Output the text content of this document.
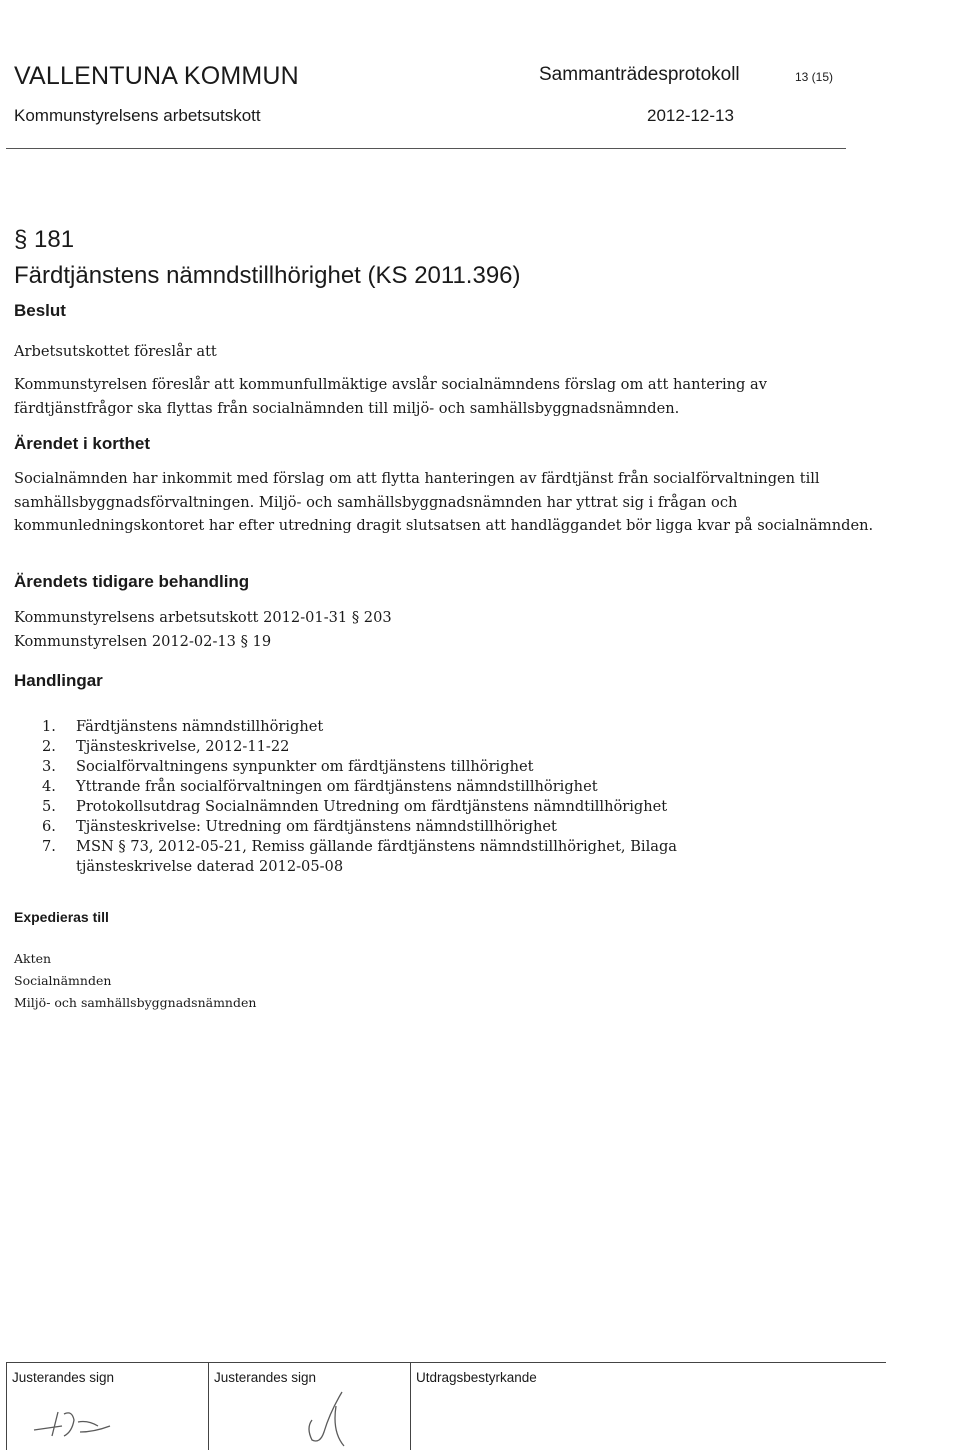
VALLENTUNA KOMMUN	Sammanträdesprotokoll	13 (15)
Kommunstyrelsens arbetsutskott	2012-12-13
§ 181
Färdtjänstens nämndstillhörighet (KS 2011.396)
Beslut
Arbetsutskottet föreslår att
Kommunstyrelsen föreslår att kommunfullmäktige avslår socialnämndens förslag om att hantering av färdtjänstfrågor ska flyttas från socialnämnden till miljö- och samhällsbyggnadsnämnden.
Ärendet i korthet
Socialnämnden har inkommit med förslag om att flytta hanteringen av färdtjänst från socialförvaltningen till samhällsbyggnadsförvaltningen. Miljö- och samhällsbyggnadsnämnden har yttrat sig i frågan och kommunledningskontoret har efter utredning dragit slutsatsen att handläggandet bör ligga kvar på socialnämnden.
Ärendets tidigare behandling
Kommunstyrelsens arbetsutskott 2012-01-31 § 203
Kommunstyrelsen 2012-02-13 § 19
Handlingar
1.	Färdtjänstens nämndstillhörighet
2.	Tjänsteskrivelse, 2012-11-22
3.	Socialförvaltningens synpunkter om färdtjänstens tillhörighet
4.	Yttrande från socialförvaltningen om färdtjänstens nämndstillhörighet
5.	Protokollsutdrag Socialnämnden Utredning om färdtjänstens nämndtillhörighet
6.	Tjänsteskrivelse: Utredning om färdtjänstens nämndstillhörighet
7.	MSN § 73, 2012-05-21, Remiss gällande färdtjänstens nämndstillhörighet, Bilaga tjänsteskrivelse daterad 2012-05-08
Expedieras till
Akten
Socialnämnden
Miljö- och samhällsbyggnadsnämnden
Justerandes sign	Justerandes sign	Utdragsbestyrkande
